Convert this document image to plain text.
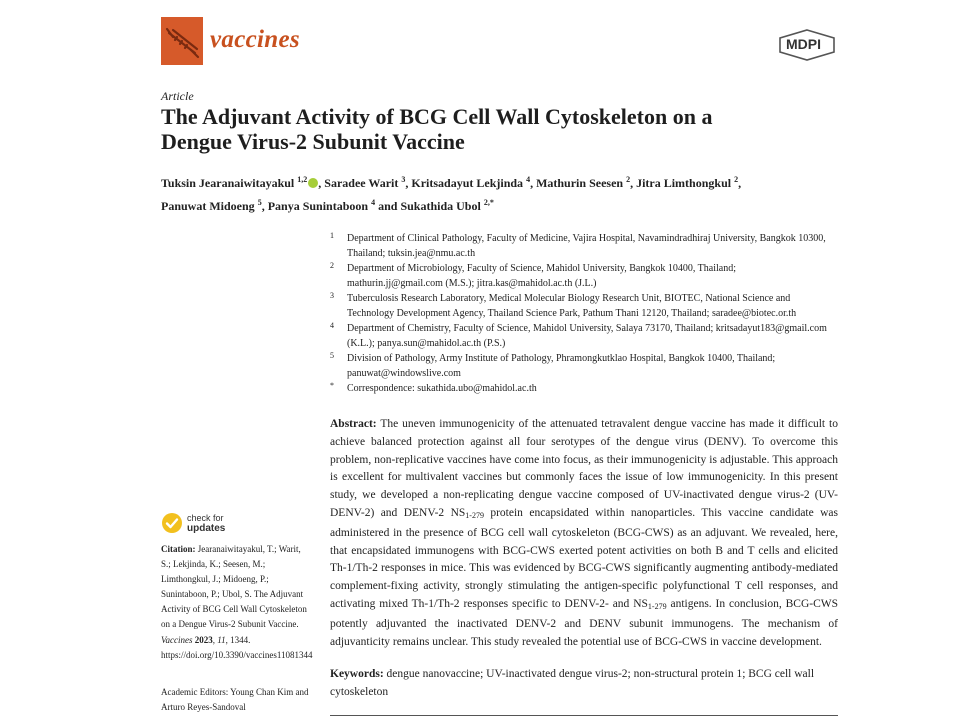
vaccines	MDPI
Article
The Adjuvant Activity of BCG Cell Wall Cytoskeleton on a
Dengue Virus-2 Subunit Vaccine
Tuksin Jearanaiwitayakul $^{1,2}$ , Saradee Warit $^3$, Kritsadayut Lekjinda $^4$, Mathurin Seesen $^2$, Jitra Limthongkul $^2$,
Panuwat Midoeng $^5$, Panya Sunintaboon $^4$ and Sukathida Ubol $^{2,*}$
1 Department of Clinical Pathology, Faculty of Medicine, Vajira Hospital, Navamindradhiraj University, Bangkok 10300, Thailand; tuksin.jea@nmu.ac.th
2 Department of Microbiology, Faculty of Science, Mahidol University, Bangkok 10400, Thailand; mathurin.jj@gmail.com (M.S.); jitra.kas@mahidol.ac.th (J.L.)
3 Tuberculosis Research Laboratory, Medical Molecular Biology Research Unit, BIOTEC, National Science and Technology Development Agency, Thailand Science Park, Pathum Thani 12120, Thailand; saradee@biotec.or.th
4 Department of Chemistry, Faculty of Science, Mahidol University, Salaya 73170, Thailand; kritsadayut183@gmail.com (K.L.); panya.sun@mahidol.ac.th (P.S.)
5 Division of Pathology, Army Institute of Pathology, Phramongkutklao Hospital, Bangkok 10400, Thailand; panuwat@windowslive.com
* Correspondence: sukathida.ubo@mahidol.ac.th
Abstract: The uneven immunogenicity of the attenuated tetravalent dengue vaccine has made it difficult to achieve balanced protection against all four serotypes of the dengue virus (DENV). To overcome this problem, non-replicative vaccines have come into focus, as their immunogenicity is adjustable. This approach is excellent for multivalent vaccines but commonly faces the issue of low immunogenicity. In this present study, we developed a non-replicating dengue vaccine composed of UV-inactivated dengue virus-2 (UV-DENV-2) and DENV-2 $NS_{1-279}$ protein encapsidated within nanoparticles. This vaccine candidate was administered in the presence of BCG cell wall cytoskeleton (BCG-CWS) as an adjuvant. We revealed, here, that encapsidated immunogens with BCG-CWS exerted potent activities on both B and T cells and elicited Th-1/Th-2 responses in mice. This was evidenced by BCG-CWS significantly augmenting antibody-mediated complement-fixing activity, strongly stimulating the antigen-specific polyfunctional T cell responses, and activating mixed Th-1/Th-2 responses specific to DENV-2- and $NS_{1-279}$ antigens. In conclusion, BCG-CWS potently adjuvanted the inactivated DENV-2 and DENV subunit immunogens. The mechanism of adjuvanticity remains unclear. This study revealed the potential use of BCG-CWS in vaccine development.
Keywords: dengue nanovaccine; UV-inactivated dengue virus-2; non-structural protein 1; BCG cell wall cytoskeleton
check for
updates
Citation: Jearanaiwitayakul, T.; Warit, S.; Lekjinda, K.; Seesen, M.; Limthongkul, J.; Midoeng, P.; Sunintaboon, P.; Ubol, S. The Adjuvant Activity of BCG Cell Wall Cytoskeleton on a Dengue Virus-2 Subunit Vaccine. Vaccines 2023, 11, 1344. https://doi.org/10.3390/vaccines11081344
Academic Editors: Young Chan Kim and Arturo Reyes-Sandoval
